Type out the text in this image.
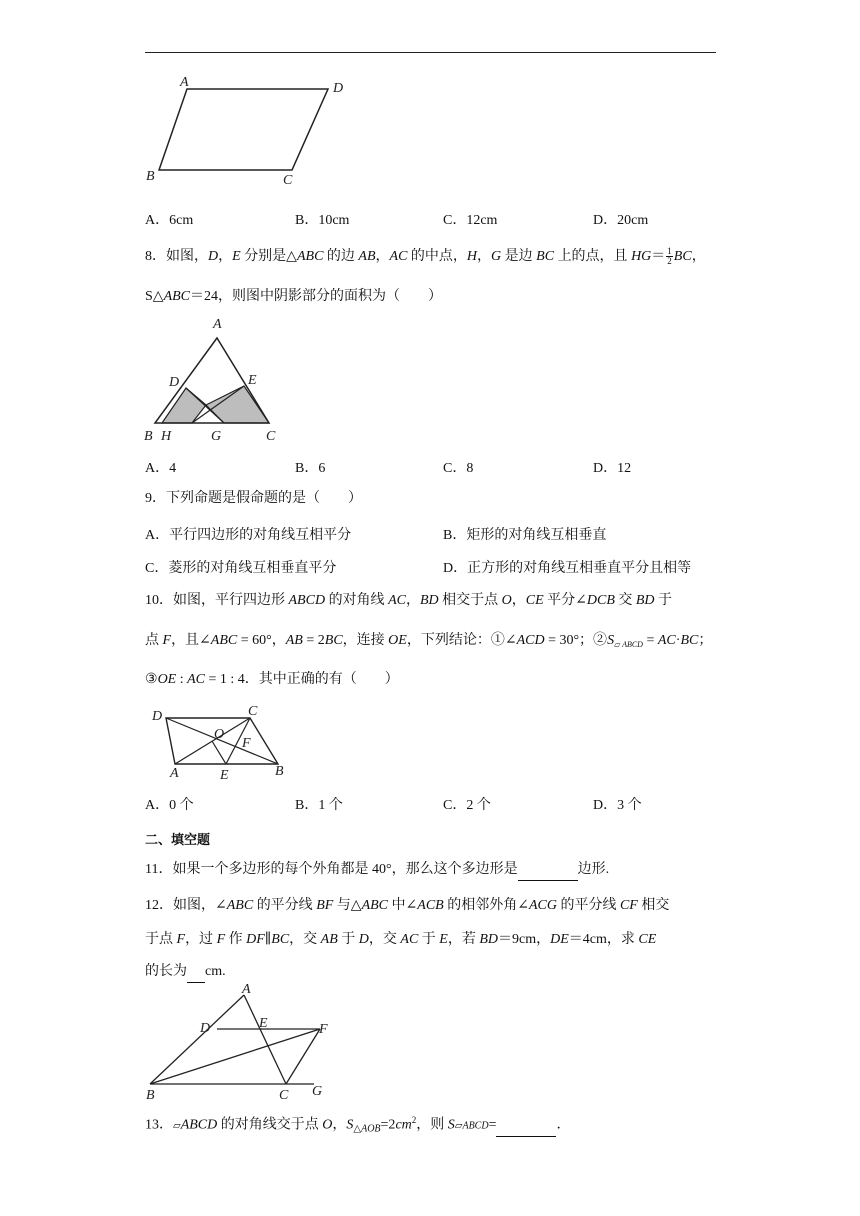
A	D
B	C
A．6cm	B．10cm	C．12cm	D．20cm
8．如图，D，E 分别是△ABC 的边 AB，AC 的中点，H，G 是边 BC 上的点，且 $HG= \frac{1}{2}$ BC，
S△ABC＝24，则图中阴影部分的面积为（　　）
A
D	E
B H	G	C
A．4	B．6	C．8	D．12
9．下列命题是假命题的是（　　）
A．平行四边形的对角线互相平分	B．矩形的对角线互相垂直
C．菱形的对角线互相垂直平分	D．正方形的对角线互相垂直平分且相等
10．如图，平行四边形 ABCD 的对角线 AC，BD 相交于点 O，CE 平分∠DCB 交 BD 于
点 F，且∠ABC = 60°，AB = 2BC，连接 OE，下列结论：①∠ACD = 30°；$②S_{▱ ABCD} = AC\cdot BC$；
③OE : AC = 1 : 4．其中正确的有（　　）
D	C
O
F
A	E	B
A．0 个	B．1 个	C．2 个	D．3 个
二、填空题
11．如果一个多边形的每个外角都是 40°，那么这个多边形是	边形.
12．如图，∠ABC 的平分线 BF 与△ABC 中∠ACB 的相邻外角∠ACG 的平分线 CF 相交
于点 F，过 F 作 DF∥BC，交 AB 于 D，交 AC 于 E，若 BD＝9cm，DE＝4cm，求 CE
的长为 cm.
A
D	E	F
B	C G
13．▱ABCD 的对角线交于点 O，$S_{\triangle AOB}=2cm^2$，则 S▱ABCD=	．
